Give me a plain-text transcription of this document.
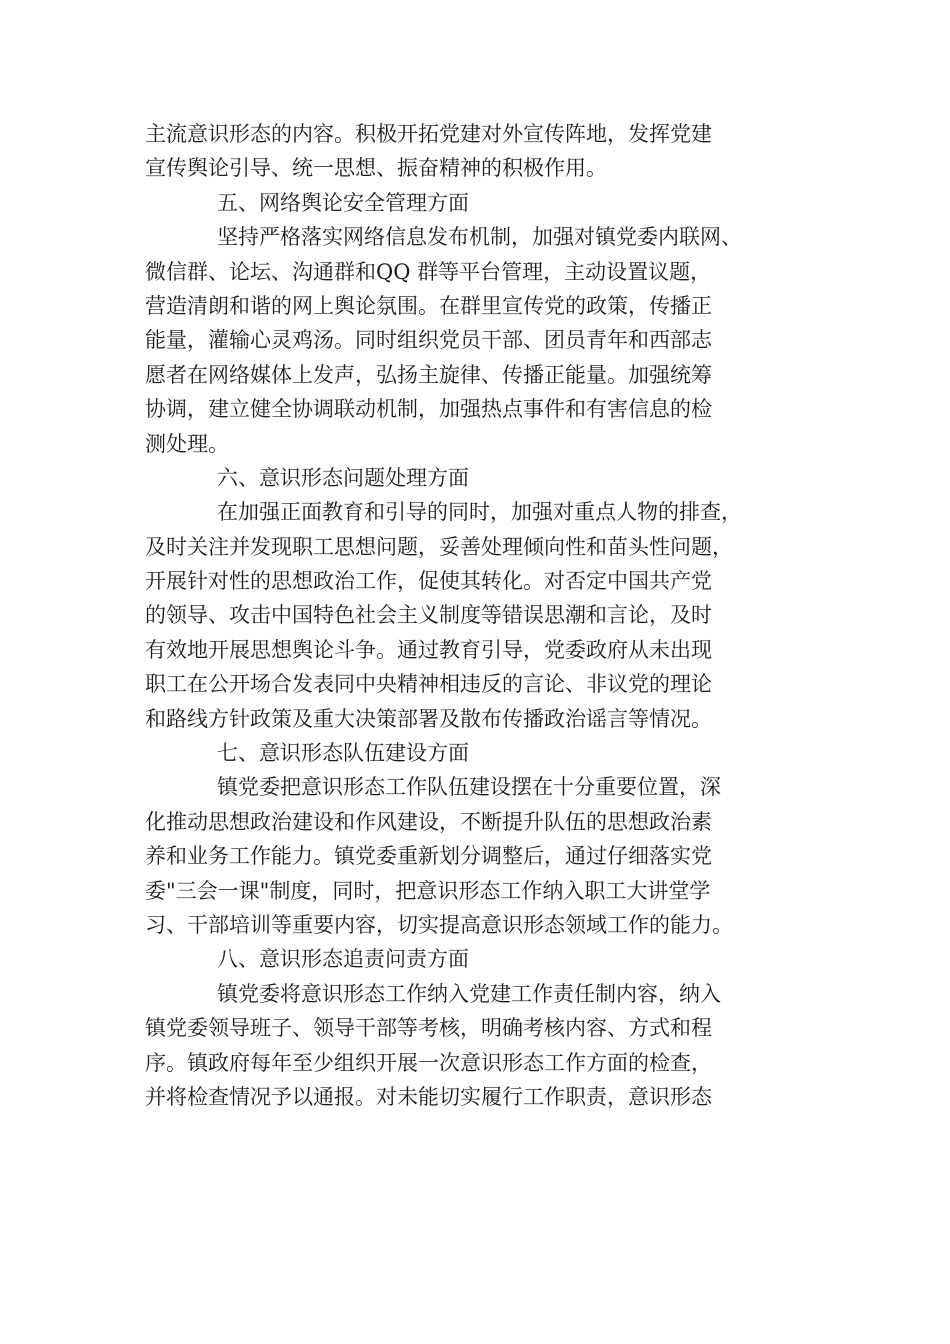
主流意识形态的内容。积极开拓党建对外宣传阵地，发挥党建
宣传舆论引导、统一思想、振奋精神的积极作用。
五、网络舆论安全管理方面
坚持严格落实网络信息发布机制，加强对镇党委内联网、
微信群、论坛、沟通群和QQ 群等平台管理，主动设置议题，
营造清朗和谐的网上舆论氛围。在群里宣传党的政策，传播正
能量，灌输心灵鸡汤。同时组织党员干部、团员青年和西部志
愿者在网络媒体上发声，弘扬主旋律、传播正能量。加强统筹
协调，建立健全协调联动机制，加强热点事件和有害信息的检
测处理。
六、意识形态问题处理方面
在加强正面教育和引导的同时，加强对重点人物的排查，
及时关注并发现职工思想问题，妥善处理倾向性和苗头性问题，
开展针对性的思想政治工作，促使其转化。对否定中国共产党
的领导、攻击中国特色社会主义制度等错误思潮和言论，及时
有效地开展思想舆论斗争。通过教育引导，党委政府从未出现
职工在公开场合发表同中央精神相违反的言论、非议党的理论
和路线方针政策及重大决策部署及散布传播政治谣言等情况。
七、意识形态队伍建设方面
镇党委把意识形态工作队伍建设摆在十分重要位置，深
化推动思想政治建设和作风建设，不断提升队伍的思想政治素
养和业务工作能力。镇党委重新划分调整后，通过仔细落实党
委"三会一课"制度，同时，把意识形态工作纳入职工大讲堂学
习、干部培训等重要内容，切实提高意识形态领域工作的能力。
八、意识形态追责问责方面
镇党委将意识形态工作纳入党建工作责任制内容，纳入
镇党委领导班子、领导干部等考核，明确考核内容、方式和程
序。镇政府每年至少组织开展一次意识形态工作方面的检查，
并将检查情况予以通报。对未能切实履行工作职责，意识形态
